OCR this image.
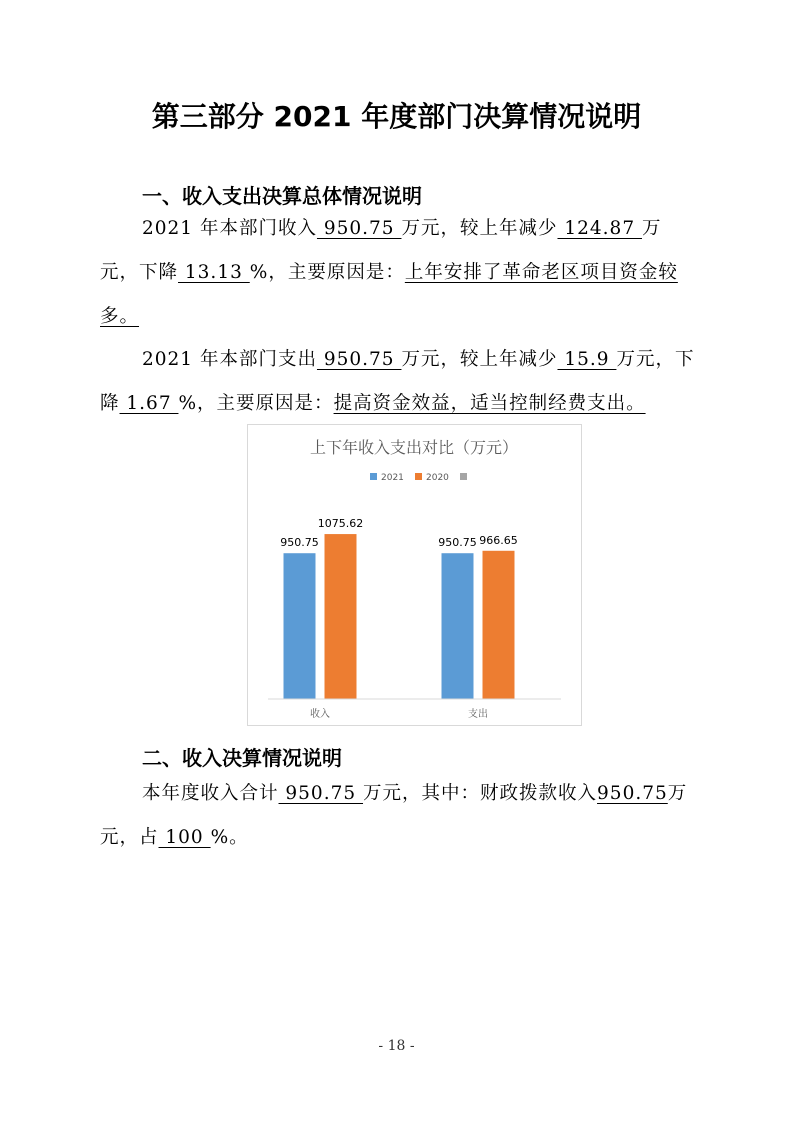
第三部分 2021 年度部门决算情况说明
一、收入支出决算总体情况说明
2021 年本部门收入 950.75 万元，较上年减少 124.87 万元，下降 13.13 %，主要原因是：上年安排了革命老区项目资金较多。
2021 年本部门支出 950.75 万元，较上年减少 15.9 万元，下降 1.67 %，主要原因是：提高资金效益，适当控制经费支出。
上下年收入支出对比（万元）
2021 2020
950.75
1075.62
950.75 966.65
收入	支出
二、收入决算情况说明
本年度收入合计 950.75 万元，其中：财政拨款收入950.75万元，占 100 %。
- 18 -
